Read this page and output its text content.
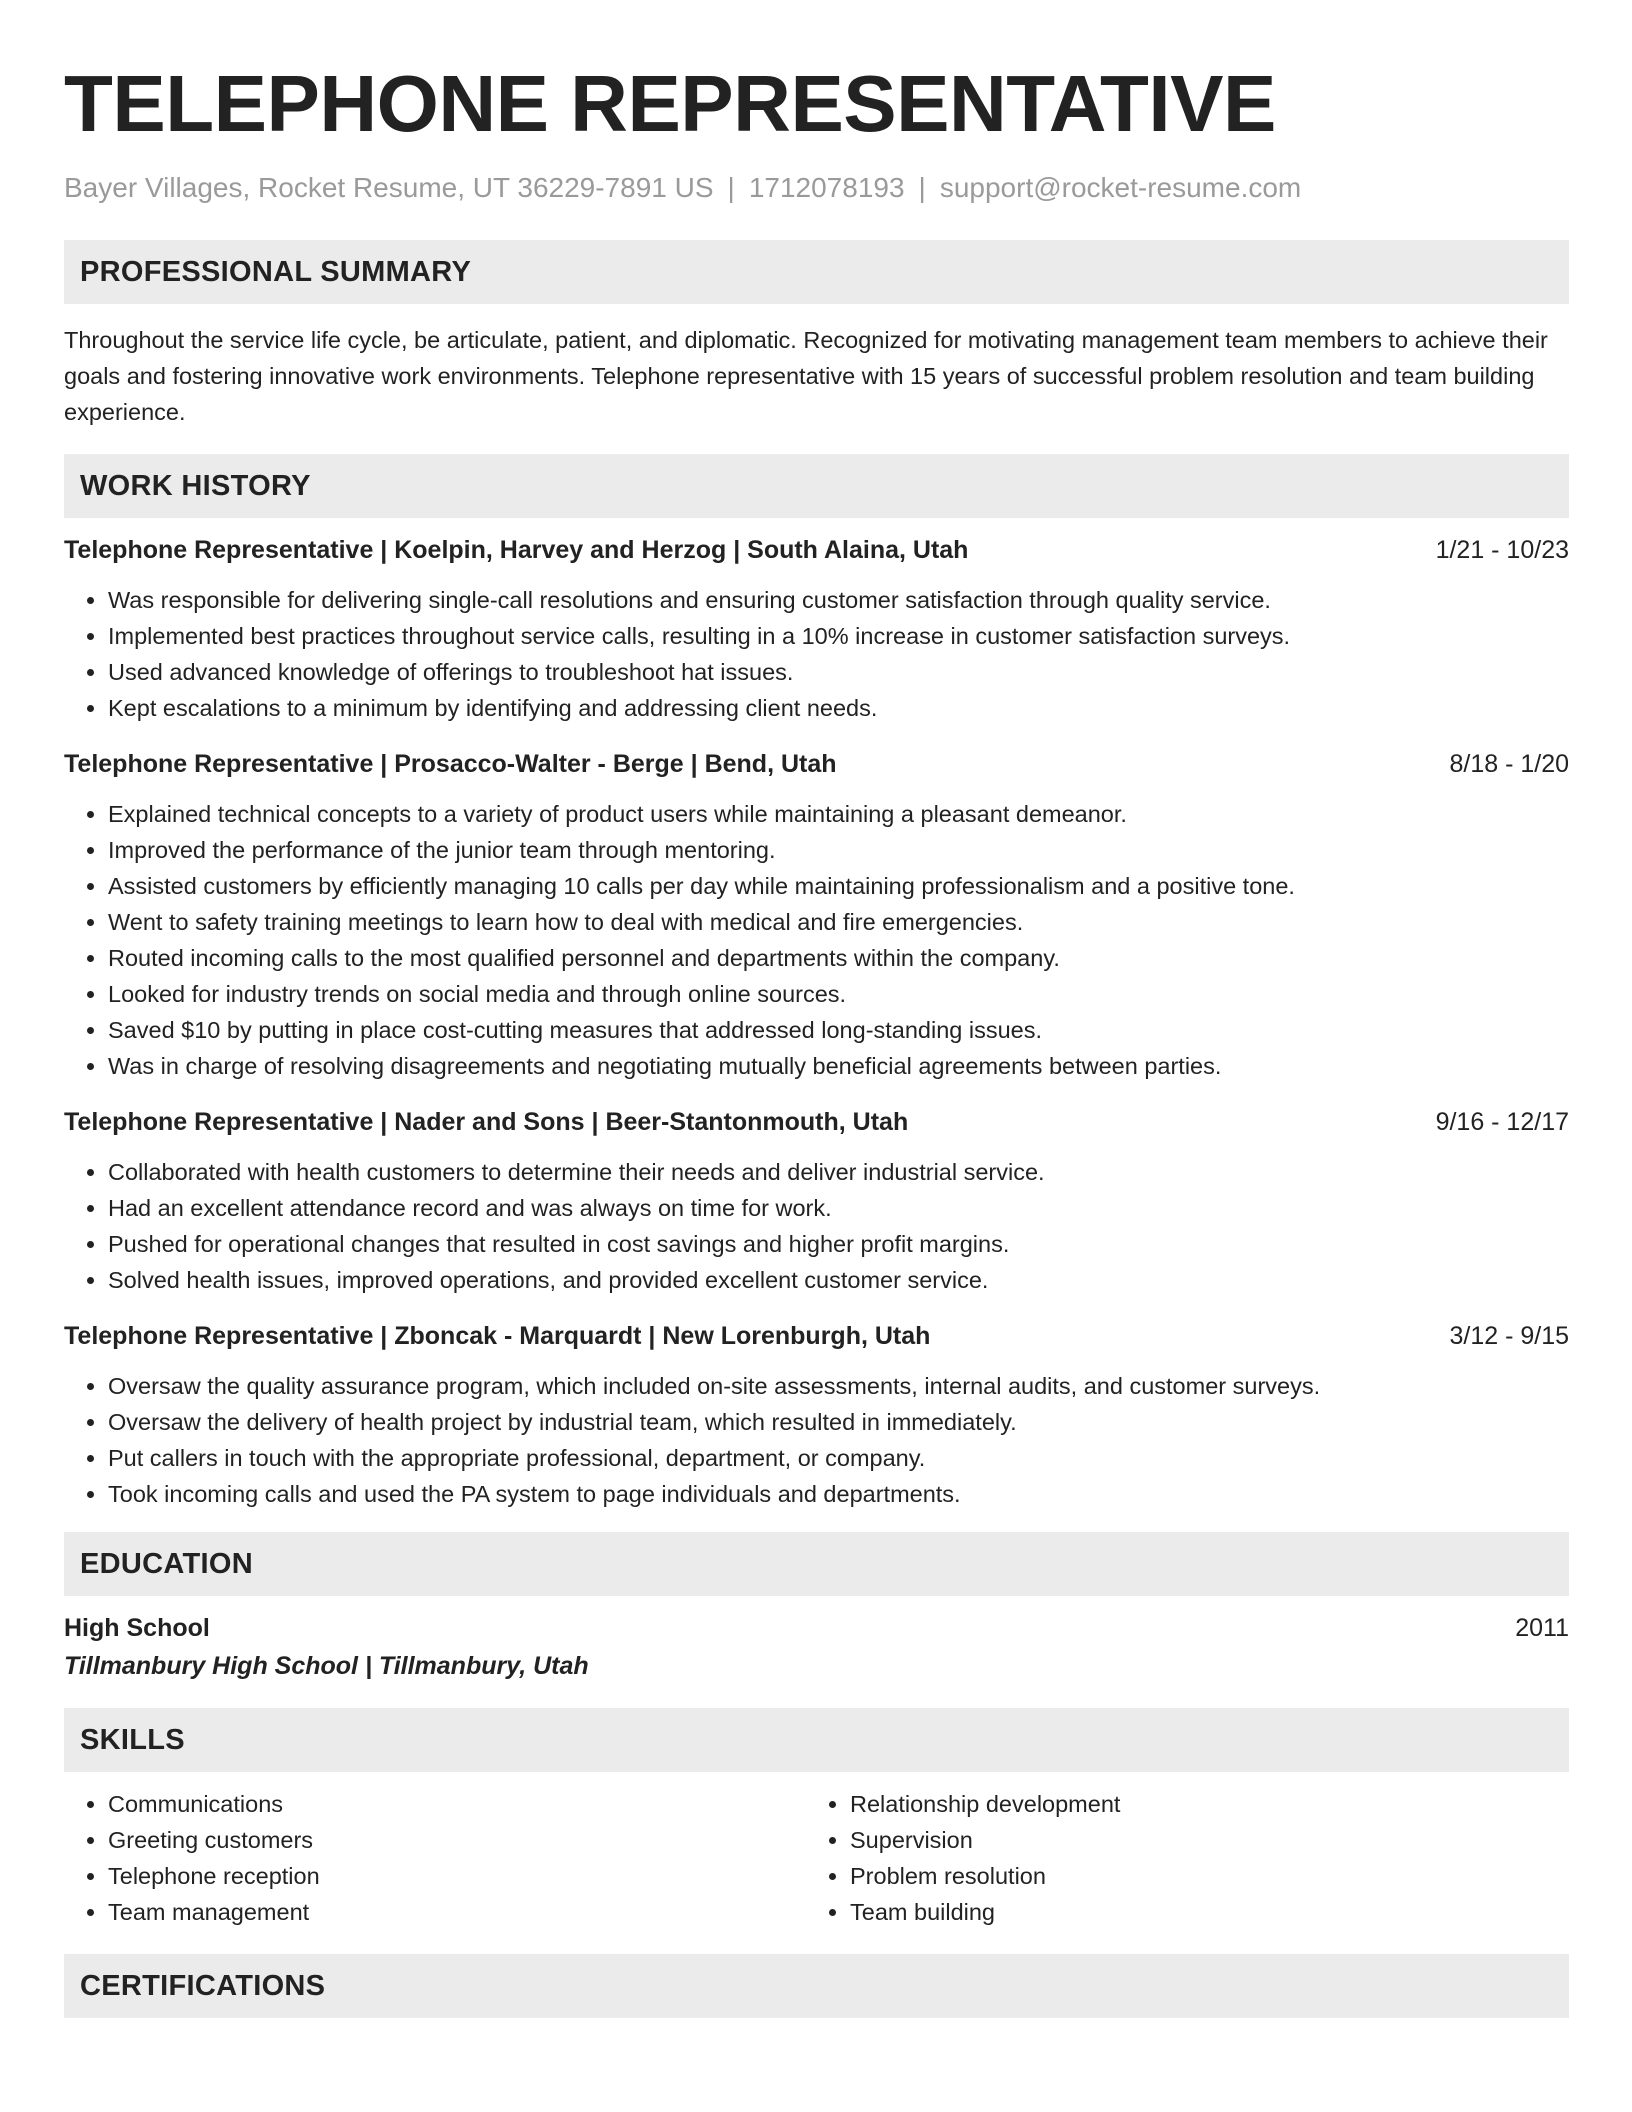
TELEPHONE REPRESENTATIVE
Bayer Villages, Rocket Resume, UT 36229-7891 US | 1712078193 | support@rocket-resume.com
PROFESSIONAL SUMMARY

Throughout the service life cycle, be articulate, patient, and diplomatic. Recognized for motivating management team members to achieve their goals and fostering innovative work environments. Telephone representative with 15 years of successful problem resolution and team building experience.

WORK HISTORY
Telephone Representative | Koelpin, Harvey and Herzog | South Alaina, Utah	1/21 - 10/23
• Was responsible for delivering single-call resolutions and ensuring customer satisfaction through quality service.
• Implemented best practices throughout service calls, resulting in a 10% increase in customer satisfaction surveys.
• Used advanced knowledge of offerings to troubleshoot hat issues.
• Kept escalations to a minimum by identifying and addressing client needs.
Telephone Representative | Prosacco-Walter - Berge | Bend, Utah	8/18 - 1/20
• Explained technical concepts to a variety of product users while maintaining a pleasant demeanor.
• Improved the performance of the junior team through mentoring.
• Assisted customers by efficiently managing 10 calls per day while maintaining professionalism and a positive tone.
• Went to safety training meetings to learn how to deal with medical and fire emergencies.
• Routed incoming calls to the most qualified personnel and departments within the company.
• Looked for industry trends on social media and through online sources.
• Saved $10 by putting in place cost-cutting measures that addressed long-standing issues.
• Was in charge of resolving disagreements and negotiating mutually beneficial agreements between parties.
Telephone Representative | Nader and Sons | Beer-Stantonmouth, Utah	9/16 - 12/17
• Collaborated with health customers to determine their needs and deliver industrial service.
• Had an excellent attendance record and was always on time for work.
• Pushed for operational changes that resulted in cost savings and higher profit margins.
• Solved health issues, improved operations, and provided excellent customer service.
Telephone Representative | Zboncak - Marquardt | New Lorenburgh, Utah	3/12 - 9/15
• Oversaw the quality assurance program, which included on-site assessments, internal audits, and customer surveys.
• Oversaw the delivery of health project by industrial team, which resulted in immediately.
• Put callers in touch with the appropriate professional, department, or company.
• Took incoming calls and used the PA system to page individuals and departments.
EDUCATION
High School	2011
Tillmanbury High School | Tillmanbury, Utah
SKILLS
• Communications
• Greeting customers
• Telephone reception
• Team management
• Relationship development
• Supervision
• Problem resolution
• Team building
CERTIFICATIONS
